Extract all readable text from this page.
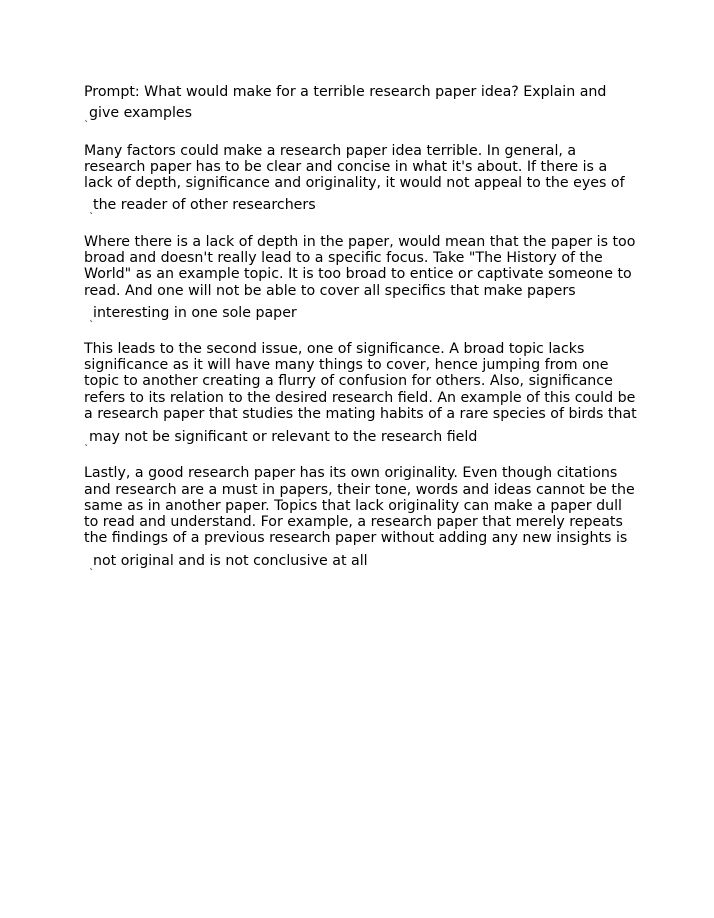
Prompt: What would make for a terrible research paper idea? Explain and

˛ give examples

Many factors could make a research paper idea terrible. In general, a

research paper has to be clear and concise in what it's about. If there is a

lack of depth, significance and originality, it would not appeal to the eyes of

˛ the reader of other researchers

Where there is a lack of depth in the paper, would mean that the paper is too

broad and doesn't really lead to a specific focus. Take "The History of the

World" as an example topic. It is too broad to entice or captivate someone to

read. And one will not be able to cover all specifics that make papers

˛ interesting in one sole paper

This leads to the second issue, one of significance. A broad topic lacks

significance as it will have many things to cover, hence jumping from one

topic to another creating a flurry of confusion for others. Also, significance

refers to its relation to the desired research field. An example of this could be

a research paper that studies the mating habits of a rare species of birds that

˛ may not be significant or relevant to the research field

Lastly, a good research paper has its own originality. Even though citations

and research are a must in papers, their tone, words and ideas cannot be the

same as in another paper. Topics that lack originality can make a paper dull

to read and understand. For example, a research paper that merely repeats

the findings of a previous research paper without adding any new insights is

˛ not original and is not conclusive at all
